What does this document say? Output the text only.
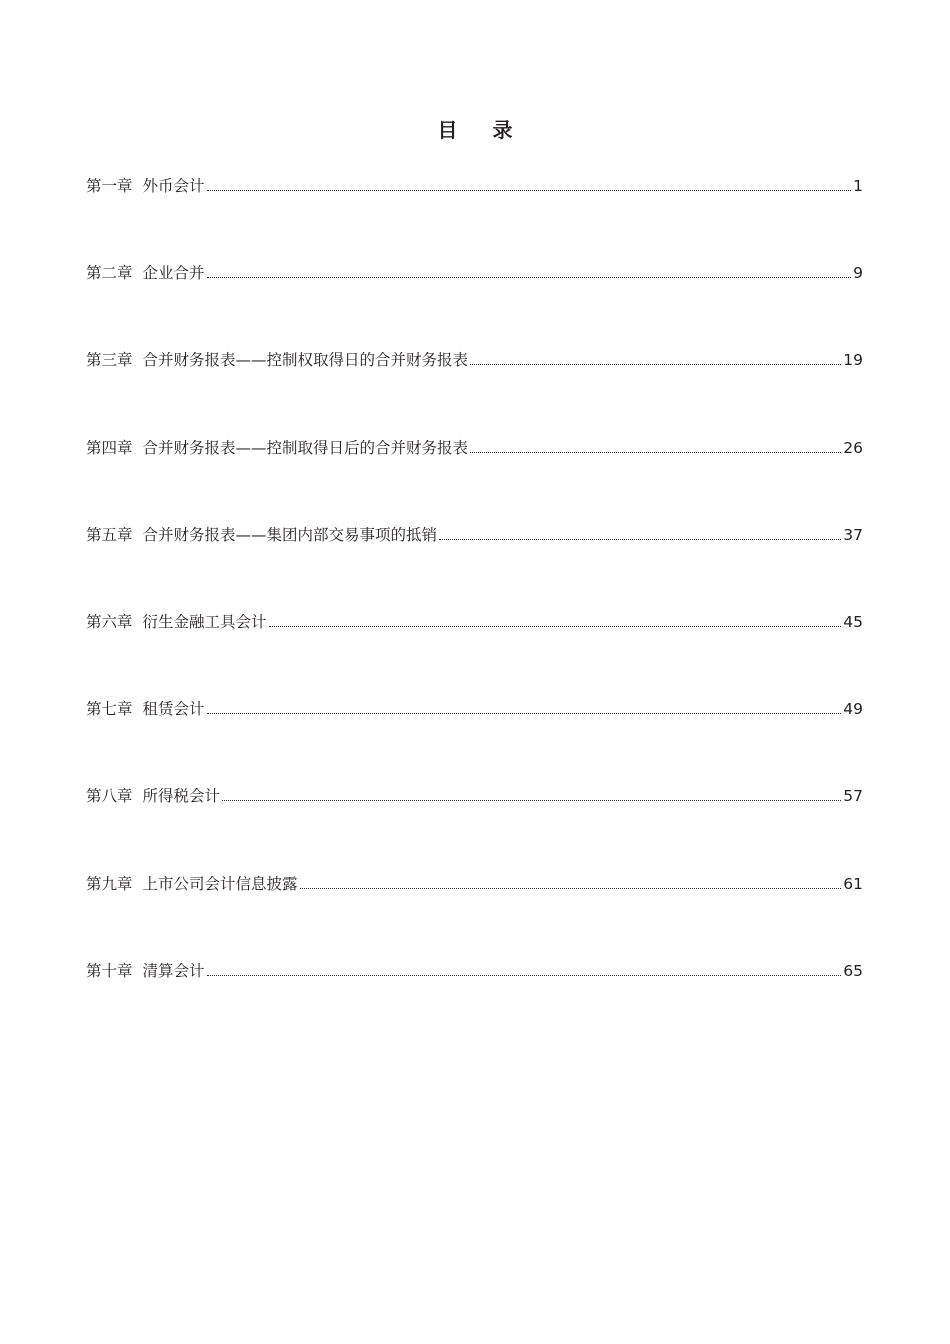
目 录
第一章 外币会计	1
第二章 企业合并	9
第三章 合并财务报表——控制权取得日的合并财务报表	19
第四章 合并财务报表——控制取得日后的合并财务报表	26
第五章 合并财务报表——集团内部交易事项的抵销	37
第六章 衍生金融工具会计	45
第七章 租赁会计	49
第八章 所得税会计	57
第九章 上市公司会计信息披露	61
第十章 清算会计	65
